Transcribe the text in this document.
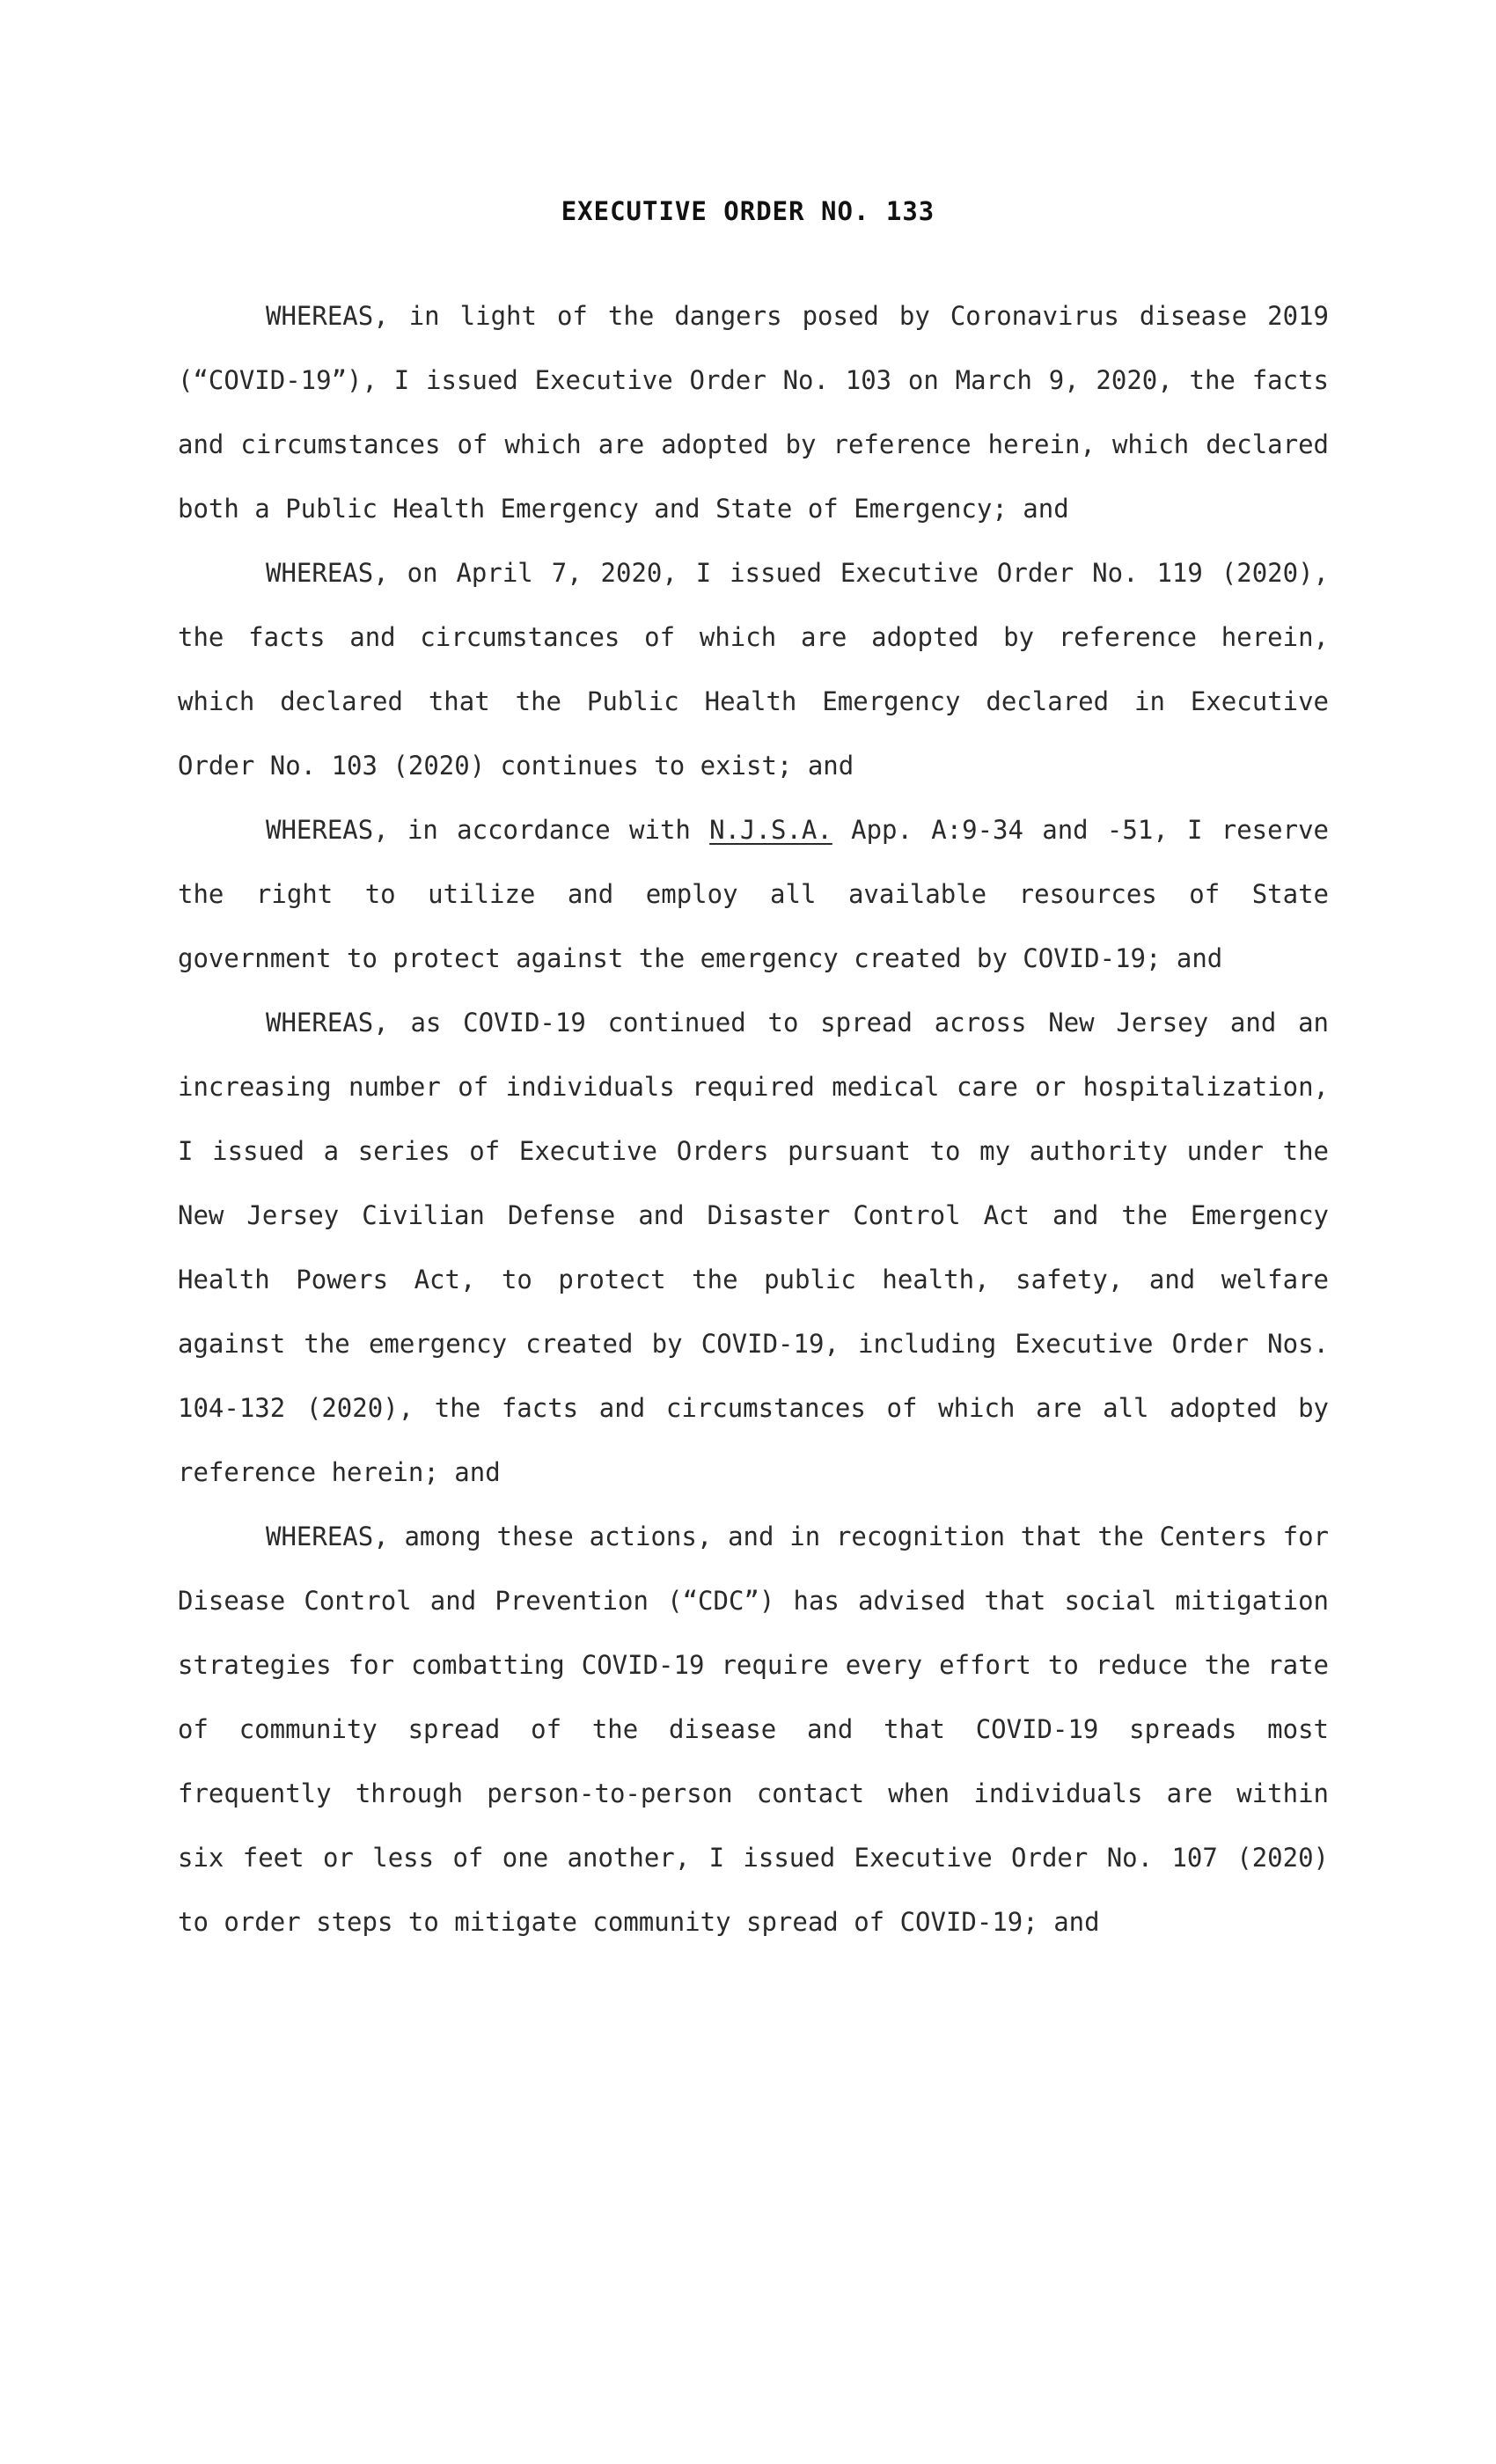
EXECUTIVE ORDER NO. 133

WHEREAS, in light of the dangers posed by Coronavirus disease 2019 (“COVID-19”), I issued Executive Order No. 103 on March 9, 2020, the facts and circumstances of which are adopted by reference herein, which declared both a Public Health Emergency and State of Emergency; and

WHEREAS, on April 7, 2020, I issued Executive Order No. 119 (2020), the facts and circumstances of which are adopted by reference herein, which declared that the Public Health Emergency declared in Executive Order No. 103 (2020) continues to exist; and

WHEREAS, in accordance with N.J.S.A. App. A:9-34 and -51, I reserve the right to utilize and employ all available resources of State government to protect against the emergency created by COVID-19; and

WHEREAS, as COVID-19 continued to spread across New Jersey and an increasing number of individuals required medical care or hospitalization, I issued a series of Executive Orders pursuant to my authority under the New Jersey Civilian Defense and Disaster Control Act and the Emergency Health Powers Act, to protect the public health, safety, and welfare against the emergency created by COVID-19, including Executive Order Nos. 104-132 (2020), the facts and circumstances of which are all adopted by reference herein; and

WHEREAS, among these actions, and in recognition that the Centers for Disease Control and Prevention (“CDC”) has advised that social mitigation strategies for combatting COVID-19 require every effort to reduce the rate of community spread of the disease and that COVID-19 spreads most frequently through person-to-person contact when individuals are within six feet or less of one another, I issued Executive Order No. 107 (2020) to order steps to mitigate community spread of COVID-19; and
